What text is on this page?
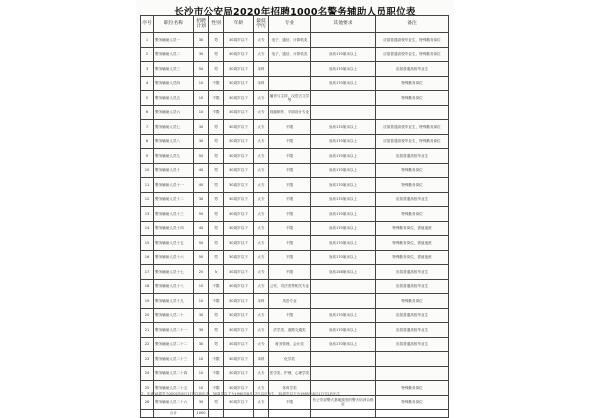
长沙市公安局2020年招聘1000名警务辅助人员职位表
序号	职位名称	招聘计划	性别	年龄	最低学历	专业	其他要求	备注
1	警务辅助人员一	30	男	30周岁以下	大专	电子、通信、计算机类		应届普通高校毕业生，特殊勤务岗位
2	警务辅助人员二	30	男	30周岁以下	大专	电子、通信、计算机类	身高170厘米以上	应届普通高校毕业生，特殊勤务岗位
3	警务辅助人员三	50	男	30周岁以下	本科		身高170厘米以上	应届普通高校毕业生
4	警务辅助人员四	10	不限	30周岁以下	本科		身高170厘米以上	特殊勤务岗位
5	警务辅助人员五	10	不限	30周岁以下	大专	播音与主持、汉语言文学等		特殊勤务岗位
6	警务辅助人员六	10	不限	30周岁以下	大专	视频制作、平面设计专业		
7	警务辅助人员七	30	男	30周岁以下	大专	不限	身高170厘米以上	应届普通高校毕业生，特殊勤务岗位
8	警务辅助人员八	30	男	30周岁以下	大专	不限	身高170厘米以上	应届普通高校毕业生，特殊勤务岗位
9	警务辅助人员九	50	男	30周岁以下	大专	不限	身高170厘米以上	应届普通高校毕业生
10	警务辅助人员十	40	男	30周岁以下	大专	不限	身高170厘米以上	特殊勤务岗位
11	警务辅助人员十一	40	男	30周岁以下	大专	不限	身高170厘米以上	特殊勤务岗位
12	警务辅助人员十二	30	男	30周岁以下	大专	不限	身高170厘米以上	应届普通高校毕业生
13	警务辅助人员十三	50	男	30周岁以下	大专	不限	身高170厘米以上	特殊勤务岗位
14	警务辅助人员十四	40	男	30周岁以下	大专	不限	身高170厘米以上	特殊勤务岗位，需值夜班
15	警务辅助人员十五	50	男	30周岁以下	大专	不限	身高170厘米以上	特殊勤务岗位，需值夜班
16	警务辅助人员十六	50	男	30周岁以下	大专	不限	身高170厘米以上	特殊勤务岗位，需值夜班
17	警务辅助人员十七	25	女	30周岁以下	大专	不限	身高158厘米以上	应届普通高校毕业生
18	警务辅助人员十八	10	不限	30周岁以下	大专	公安、司法类等相关专业		应届普通高校毕业生
19	警务辅助人员十九	10	不限	30周岁以下	本科	英语专业		特殊勤务岗位
20	警务辅助人员二十	30	男	30周岁以下	大专	不限	身高170厘米以上	应届普通高校毕业生
21	警务辅助人员二十一	30	男	30周岁以下	大专	法学类、道路交通类	身高170厘米以上	应届普通高校毕业生
22	警务辅助人员二十二	30	男	30周岁以下	大专	财务管理、会计类	身高170厘米以上	应届普通高校毕业生
23	警务辅助人员二十三	10	不限	30周岁以下	本科	化学类		
24	警务辅助人员二十四	10	不限	30周岁以下	大专	医学类、护理、心理学类		
25	警务辅助人员二十五	10	不限	30周岁以下	大专	体育学类		特殊勤务岗位
26	警务辅助人员二十六	30	男	30周岁以下	大专	不限	有公安部警犬基地颁发的警犬培训合格证	特殊勤务岗位
	合计	1000						
注：年满18周岁为2002年8月17日以前出生；30周岁以下为1990年8月17日以后出生；35周岁以下为1985年8月17日以后出生
